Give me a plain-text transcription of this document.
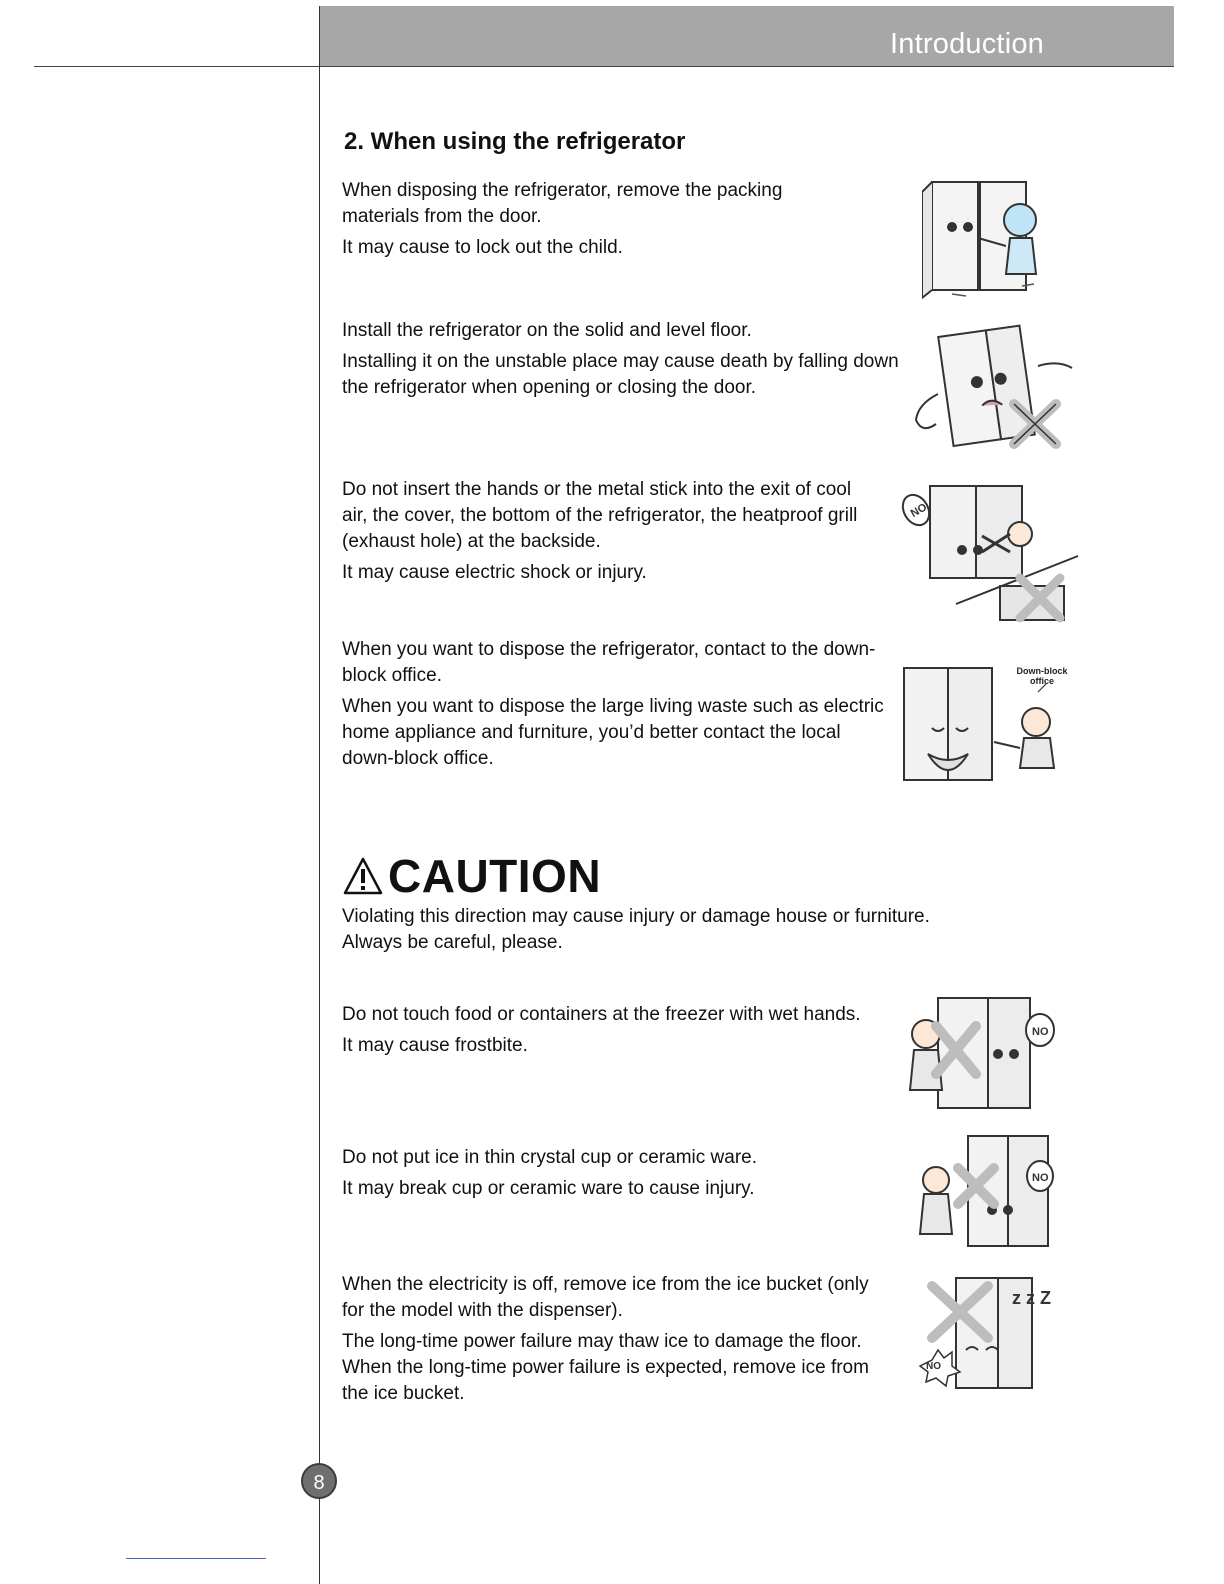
Introduction
2. When using the refrigerator

When disposing the refrigerator, remove the packing materials from the door.

It may cause to lock out the child.

Install the refrigerator on the solid and level floor.

Installing it on the unstable place may cause death by falling down the refrigerator when opening or closing the door.

Do not insert the hands or the metal stick into the exit of cool air, the cover, the bottom of the refrigerator, the heatproof grill (exhaust hole) at the backside.

It may cause electric shock or injury.

NO

When you want to dispose the refrigerator, contact to the down-block office.

When you want to dispose the large living waste such as electric home appliance and furniture, you’d better contact the local down-block office.

Down-block office
CAUTION

Violating this direction may cause injury or damage house or furniture.

Always be careful, please.

Do not touch food or containers at the freezer with wet hands.

It may cause frostbite.

NO

Do not put ice in thin crystal cup or ceramic ware.

It may break cup or ceramic ware to cause injury.	NO

When the electricity is off, remove ice from the ice bucket (only for the model with the dispenser).

The long-time power failure may thaw ice to damage the floor. When the long-time power failure is expected, remove ice from the ice bucket.

NO
z z Z
8
